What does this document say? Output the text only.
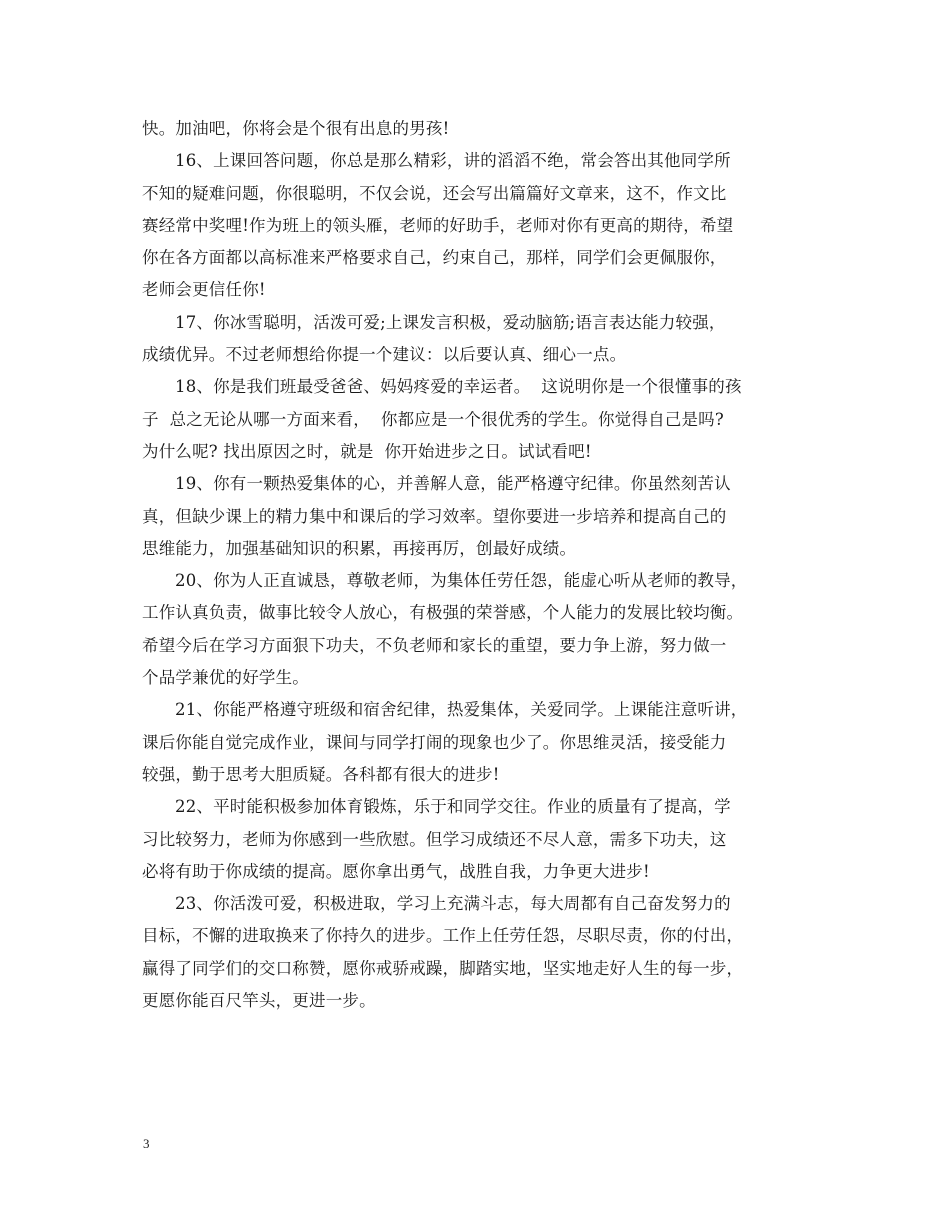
快。加油吧，你将会是个很有出息的男孩!
16、上课回答问题，你总是那么精彩，讲的滔滔不绝，常会答出其他同学所
不知的疑难问题，你很聪明，不仅会说，还会写出篇篇好文章来，这不，作文比
赛经常中奖哩!作为班上的领头雁，老师的好助手，老师对你有更高的期待，希望
你在各方面都以高标准来严格要求自己，约束自己，那样，同学们会更佩服你，
老师会更信任你!
17、你冰雪聪明，活泼可爱;上课发言积极，爱动脑筋;语言表达能力较强，
成绩优异。不过老师想给你提一个建议：以后要认真、细心一点。
18、你是我们班最受爸爸、妈妈疼爱的幸运者。  这说明你是一个很懂事的孩
子  总之无论从哪一方面来看，  你都应是一个很优秀的学生。你觉得自己是吗?
为什么呢? 找出原因之时，就是  你开始进步之日。试试看吧!
19、你有一颗热爱集体的心，并善解人意，能严格遵守纪律。你虽然刻苦认
真，但缺少课上的精力集中和课后的学习效率。望你要进一步培养和提高自己的
思维能力，加强基础知识的积累，再接再厉，创最好成绩。
20、你为人正直诚恳，尊敬老师，为集体任劳任怨，能虚心听从老师的教导，
工作认真负责，做事比较令人放心，有极强的荣誉感，个人能力的发展比较均衡。
希望今后在学习方面狠下功夫，不负老师和家长的重望，要力争上游，努力做一
个品学兼优的好学生。
21、你能严格遵守班级和宿舍纪律，热爱集体，关爱同学。上课能注意听讲，
课后你能自觉完成作业，课间与同学打闹的现象也少了。你思维灵活，接受能力
较强，勤于思考大胆质疑。各科都有很大的进步!
22、平时能积极参加体育锻炼，乐于和同学交往。作业的质量有了提高，学
习比较努力，老师为你感到一些欣慰。但学习成绩还不尽人意，需多下功夫，这
必将有助于你成绩的提高。愿你拿出勇气，战胜自我，力争更大进步!
23、你活泼可爱，积极进取，学习上充满斗志，每大周都有自己奋发努力的
目标，不懈的进取换来了你持久的进步。工作上任劳任怨，尽职尽责，你的付出，
赢得了同学们的交口称赞，愿你戒骄戒躁，脚踏实地，坚实地走好人生的每一步，
更愿你能百尺竿头，更进一步。
3
